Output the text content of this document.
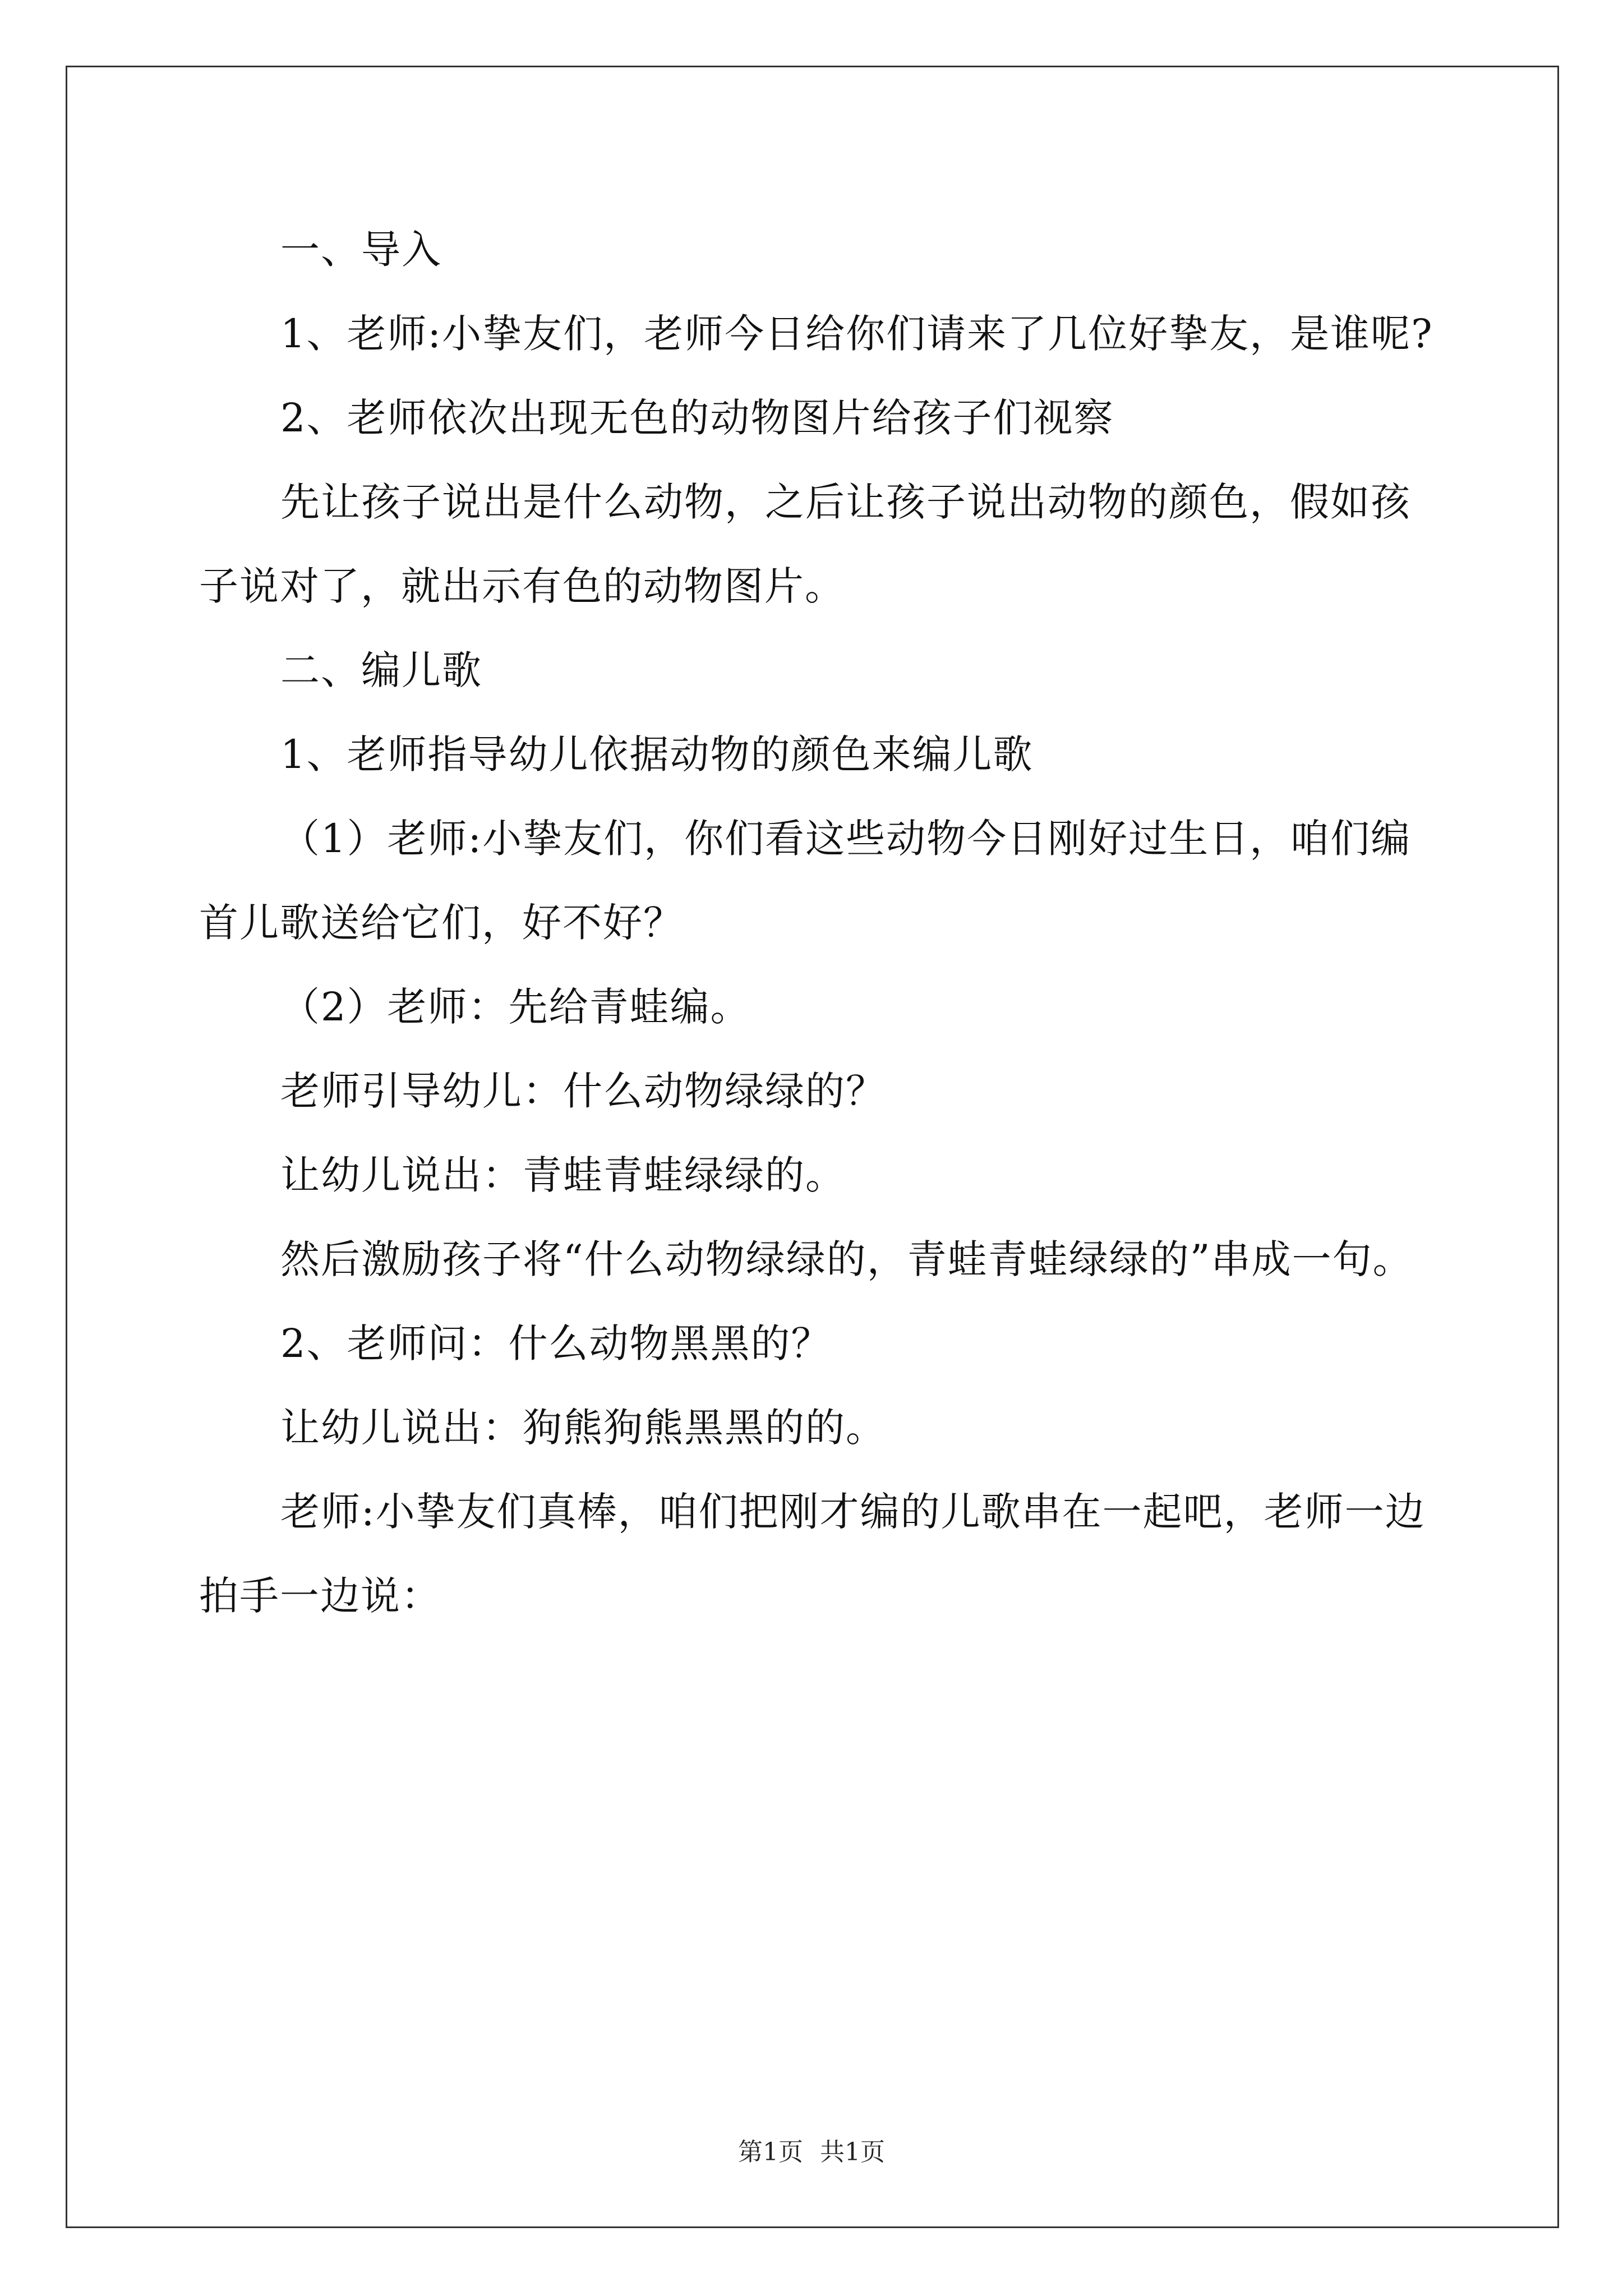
一、导入

1、老师:小挚友们，老师今日给你们请来了几位好挚友，是谁呢?

2、老师依次出现无色的动物图片给孩子们视察

先让孩子说出是什么动物，之后让孩子说出动物的颜色，假如孩

子说对了，就出示有色的动物图片。

二、编儿歌

1、老师指导幼儿依据动物的颜色来编儿歌

（1）老师:小挚友们，你们看这些动物今日刚好过生日，咱们编

首儿歌送给它们，好不好？

（2）老师：先给青蛙编。

老师引导幼儿：什么动物绿绿的？

让幼儿说出：青蛙青蛙绿绿的。

然后激励孩子将“什么动物绿绿的，青蛙青蛙绿绿的”串成一句。

2、老师问：什么动物黑黑的？

让幼儿说出：狗熊狗熊黑黑的的。

老师:小挚友们真棒，咱们把刚才编的儿歌串在一起吧，老师一边

拍手一边说：

第1页 共1页
